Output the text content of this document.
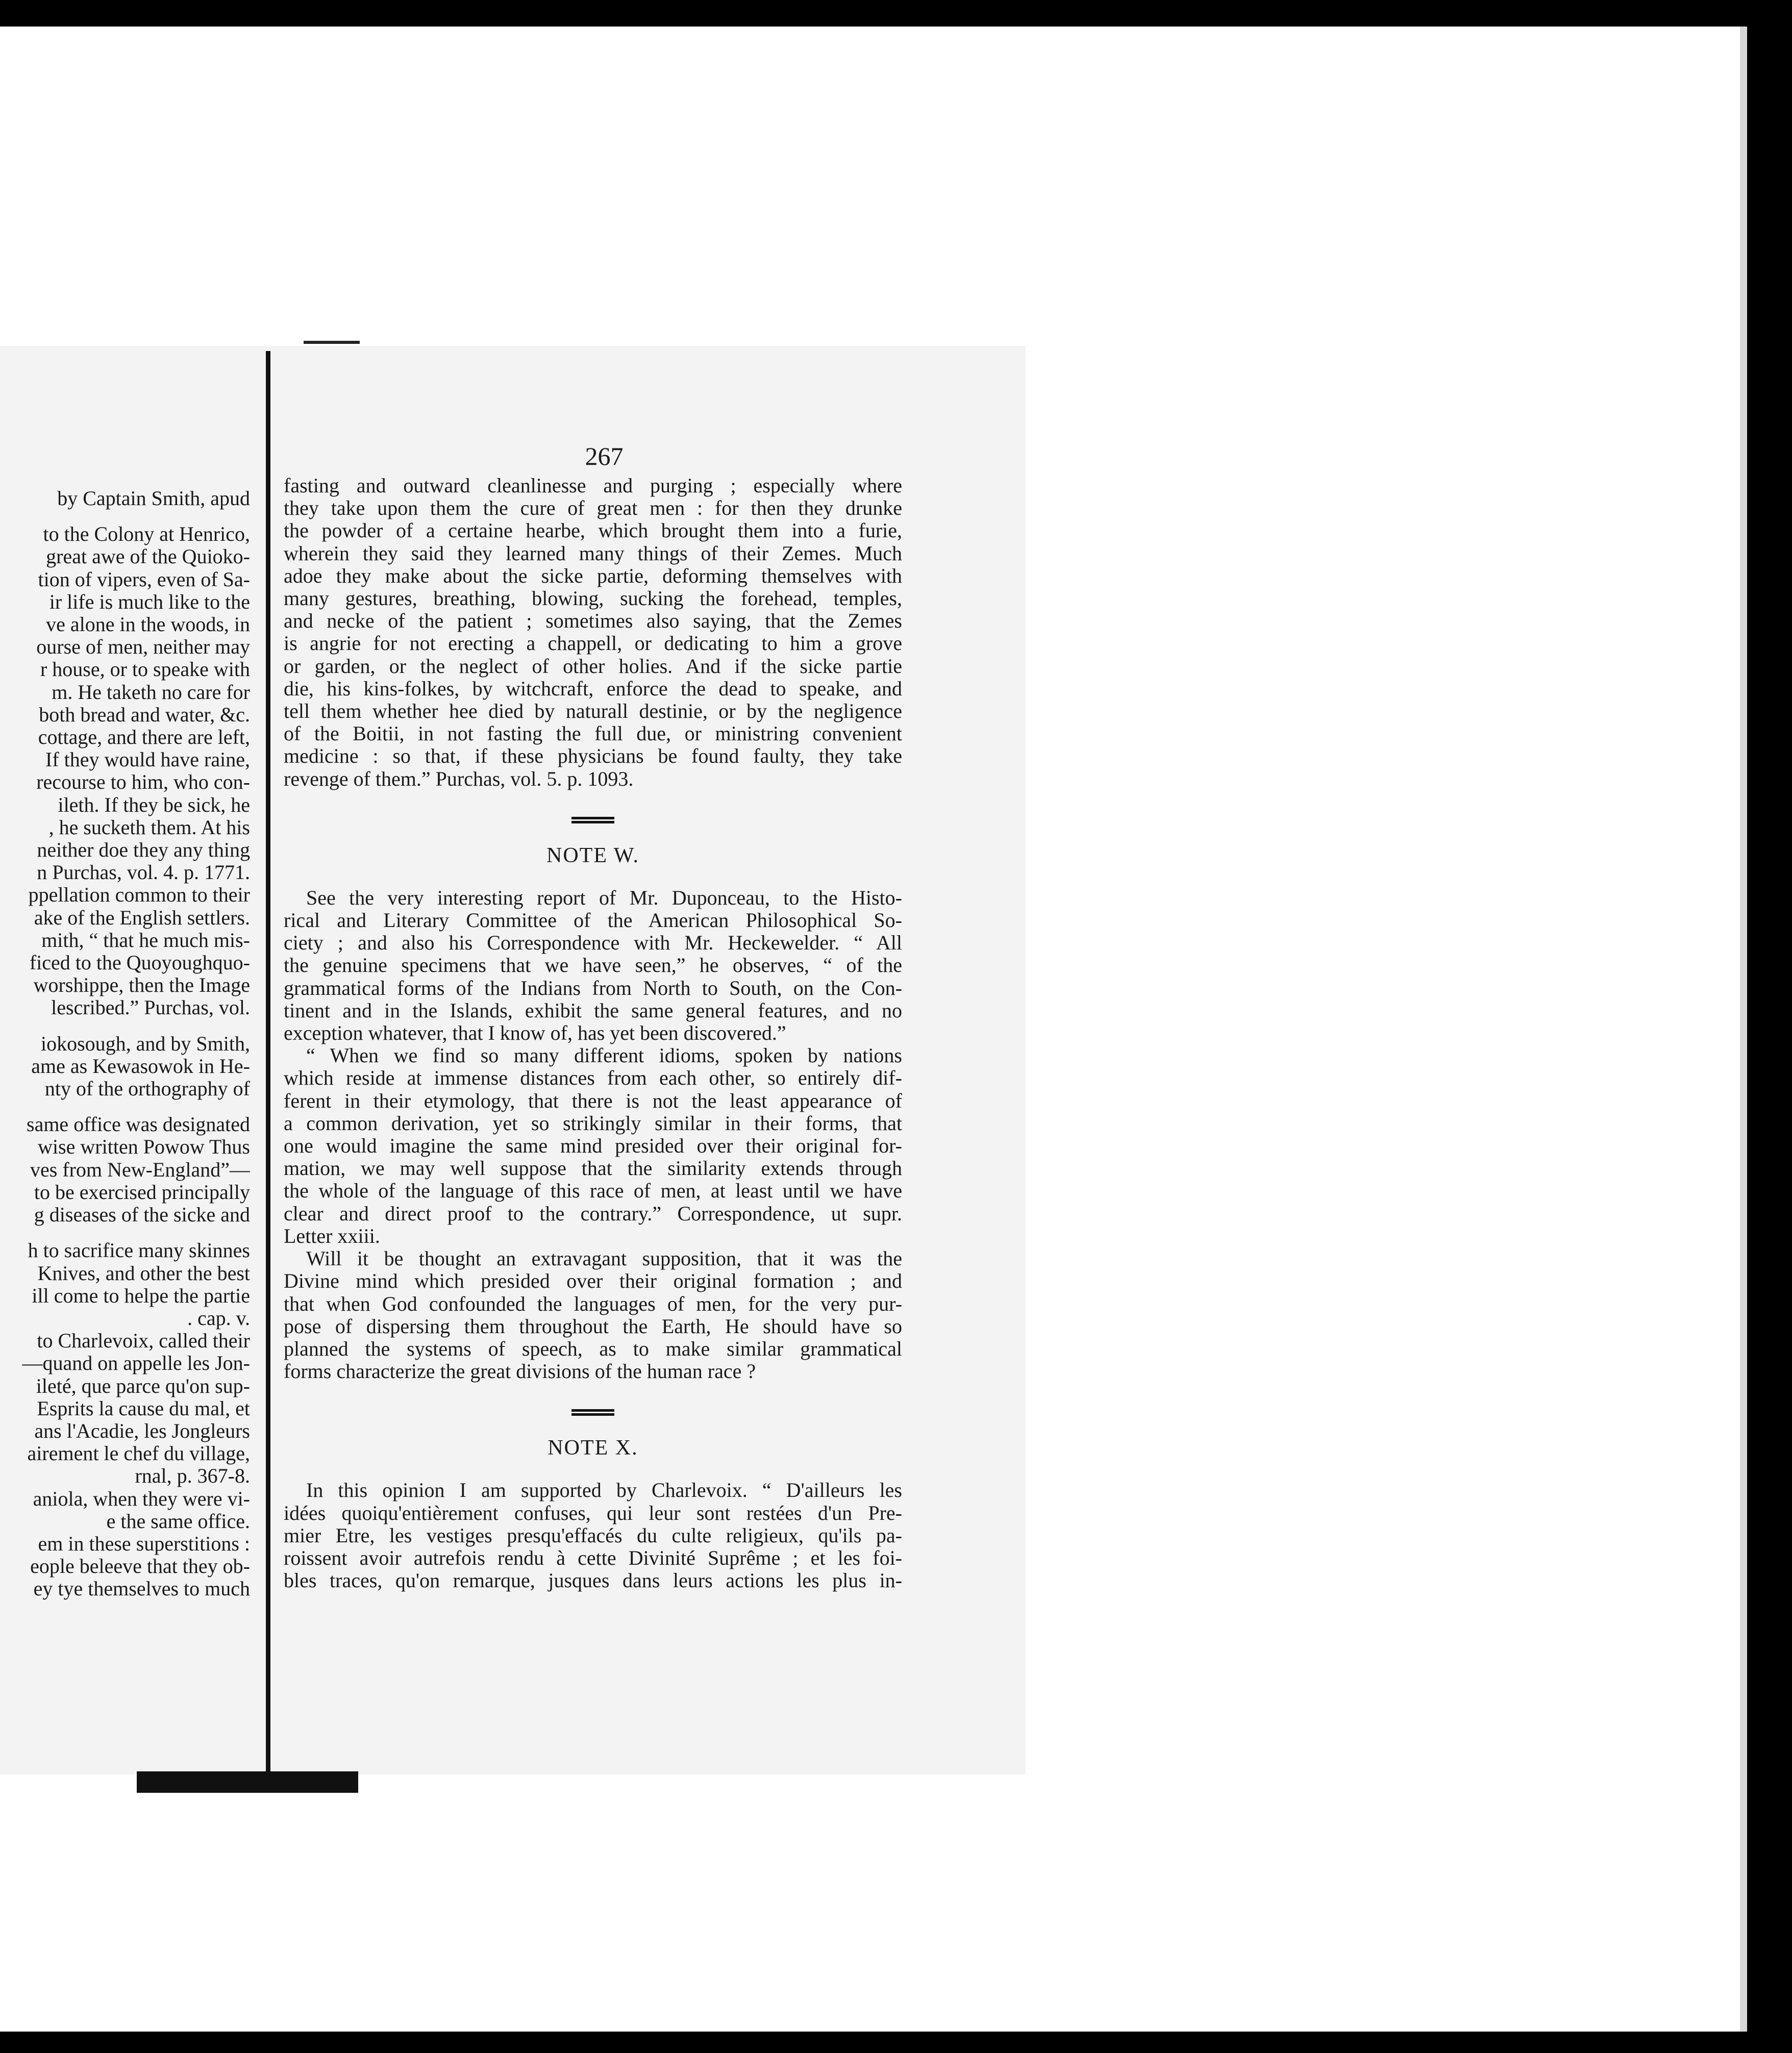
by Captain Smith, apud
to the Colony at Henrico,
great awe of the Quioko-
tion of vipers, even of Sa-
ir life is much like to the
ve alone in the woods, in
ourse of men, neither may
r house, or to speake with
m. He taketh no care for
both bread and water, &c.
cottage, and there are left,
If they would have raine,
recourse to him, who con-
ileth. If they be sick, he
, he sucketh them. At his
neither doe they any thing
n Purchas, vol. 4. p. 1771.
ppellation common to their
ake of the English settlers.
mith, “ that he much mis-
ficed to the Quoyoughquo-
worshippe, then the Image
lescribed.” Purchas, vol.
iokosough, and by Smith,
ame as Kewasowok in He-
nty of the orthography of
same office was designated
wise written Powow Thus
ves from New-England”—
to be exercised principally
g diseases of the sicke and
h to sacrifice many skinnes
Knives, and other the best
ill come to helpe the partie
. cap. v.
to Charlevoix, called their
—quand on appelle les Jon-
ileté, que parce qu'on sup-
Esprits la cause du mal, et
ans l'Acadie, les Jongleurs
airement le chef du village,
rnal, p. 367-8.
aniola, when they were vi-
e the same office.
em in these superstitions :
eople beleeve that they ob-
ey tye themselves to much
267
fasting and outward cleanlinesse and purging ; especially where
they take upon them the cure of great men : for then they drunke
the powder of a certaine hearbe, which brought them into a furie,
wherein they said they learned many things of their Zemes. Much
adoe they make about the sicke partie, deforming themselves with
many gestures, breathing, blowing, sucking the forehead, temples,
and necke of the patient ; sometimes also saying, that the Zemes
is angrie for not erecting a chappell, or dedicating to him a grove
or garden, or the neglect of other holies. And if the sicke partie
die, his kins-folkes, by witchcraft, enforce the dead to speake, and
tell them whether hee died by naturall destinie, or by the negligence
of the Boitii, in not fasting the full due, or ministring convenient
medicine : so that, if these physicians be found faulty, they take
revenge of them.” Purchas, vol. 5. p. 1093.
NOTE W.
See the very interesting report of Mr. Duponceau, to the Histo-
rical and Literary Committee of the American Philosophical So-
ciety ; and also his Correspondence with Mr. Heckewelder. “ All
the genuine specimens that we have seen,” he observes, “ of the
grammatical forms of the Indians from North to South, on the Con-
tinent and in the Islands, exhibit the same general features, and no
exception whatever, that I know of, has yet been discovered.”
“ When we find so many different idioms, spoken by nations
which reside at immense distances from each other, so entirely dif-
ferent in their etymology, that there is not the least appearance of
a common derivation, yet so strikingly similar in their forms, that
one would imagine the same mind presided over their original for-
mation, we may well suppose that the similarity extends through
the whole of the language of this race of men, at least until we have
clear and direct proof to the contrary.” Correspondence, ut supr.
Letter xxiii.
Will it be thought an extravagant supposition, that it was the
Divine mind which presided over their original formation ; and
that when God confounded the languages of men, for the very pur-
pose of dispersing them throughout the Earth, He should have so
planned the systems of speech, as to make similar grammatical
forms characterize the great divisions of the human race ?
NOTE X.
In this opinion I am supported by Charlevoix. “ D'ailleurs les
idées quoiqu'entièrement confuses, qui leur sont restées d'un Pre-
mier Etre, les vestiges presqu'effacés du culte religieux, qu'ils pa-
roissent avoir autrefois rendu à cette Divinité Suprême ; et les foi-
bles traces, qu'on remarque, jusques dans leurs actions les plus in-
